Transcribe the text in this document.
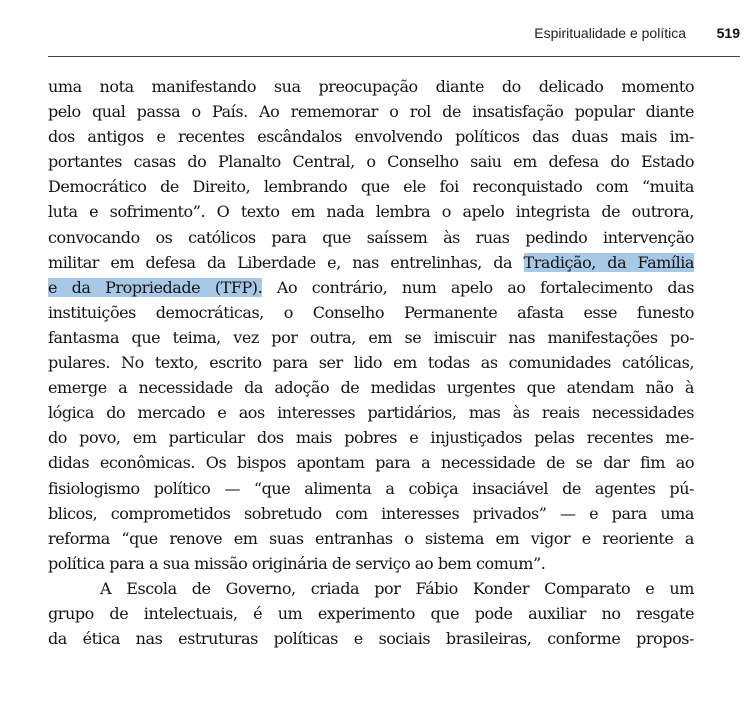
Espiritualidade e política 519
uma nota manifestando sua preocupação diante do delicado momento
pelo qual passa o País. Ao rememorar o rol de insatisfação popular diante
dos antigos e recentes escândalos envolvendo políticos das duas mais im-
portantes casas do Planalto Central, o Conselho saiu em defesa do Estado
Democrático de Direito, lembrando que ele foi reconquistado com “muita
luta e sofrimento”. O texto em nada lembra o apelo integrista de outrora,
convocando os católicos para que saíssem às ruas pedindo intervenção
militar em defesa da Liberdade e, nas entrelinhas, da Tradição, da Família
e da Propriedade (TFP). Ao contrário, num apelo ao fortalecimento das
instituições democráticas, o Conselho Permanente afasta esse funesto
fantasma que teima, vez por outra, em se imiscuir nas manifestações po-
pulares. No texto, escrito para ser lido em todas as comunidades católicas,
emerge a necessidade da adoção de medidas urgentes que atendam não à
lógica do mercado e aos interesses partidários, mas às reais necessidades
do povo, em particular dos mais pobres e injustiçados pelas recentes me-
didas econômicas. Os bispos apontam para a necessidade de se dar fim ao
fisiologismo político — “que alimenta a cobiça insaciável de agentes pú-
blicos, comprometidos sobretudo com interesses privados” — e para uma
reforma “que renove em suas entranhas o sistema em vigor e reoriente a
política para a sua missão originária de serviço ao bem comum”.
A Escola de Governo, criada por Fábio Konder Comparato e um
grupo de intelectuais, é um experimento que pode auxiliar no resgate
da ética nas estruturas políticas e sociais brasileiras, conforme propos-
